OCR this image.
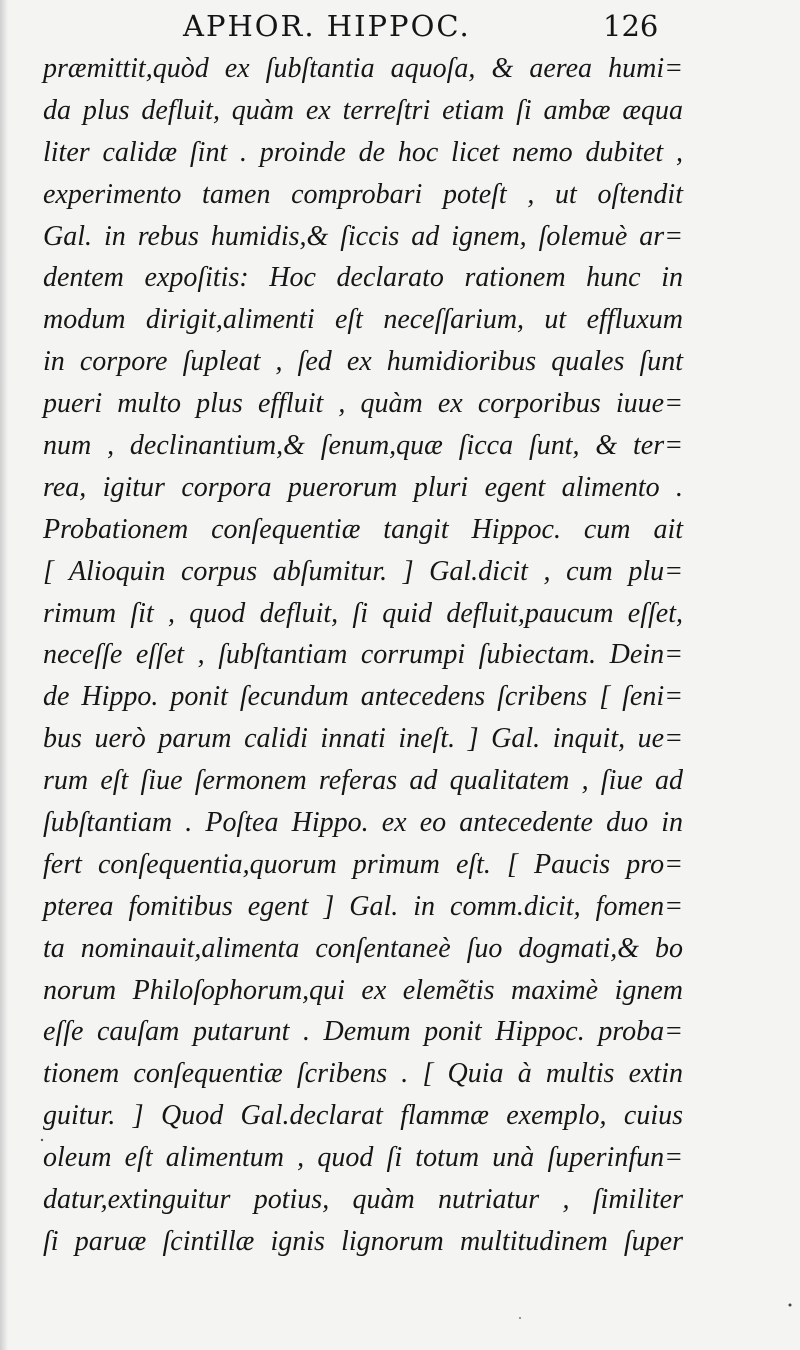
APHOR. HIPPOC.	126
præmittit,quòd ex ſubſtantia aquoſa, & aerea humi=
da plus defluit, quàm ex terreſtri etiam ſi ambæ æqua
liter calidæ ſint . proinde de hoc licet nemo dubitet ,
experimento tamen comprobari poteſt , ut oſtendit
Gal. in rebus humidis,& ſiccis ad ignem, ſolemuè ar=
dentem expoſitis: Hoc declarato rationem hunc in
modum dirigit,alimenti eſt neceſſarium, ut effluxum
in corpore ſupleat , ſed ex humidioribus quales ſunt
pueri multo plus effluit , quàm ex corporibus iuue=
num , declinantium,& ſenum,quæ ſicca ſunt, & ter=
rea, igitur corpora puerorum pluri egent alimento .
Probationem conſequentiæ tangit Hippoc. cum ait
[ Alioquin corpus abſumitur. ] Gal.dicit , cum plu=
rimum ſit , quod defluit, ſi quid defluit,paucum eſſet,
neceſſe eſſet , ſubſtantiam corrumpi ſubiectam. Dein=
de Hippo. ponit ſecundum antecedens ſcribens [ ſeni=
bus uerò parum calidi innati ineſt. ] Gal. inquit, ue=
rum eſt ſiue ſermonem referas ad qualitatem , ſiue ad
ſubſtantiam . Poſtea Hippo. ex eo antecedente duo in
fert conſequentia,quorum primum eſt. [ Paucis pro=
pterea fomitibus egent ] Gal. in comm.dicit, fomen=
ta nominauit,alimenta conſentaneè ſuo dogmati,& bo
norum Philoſophorum,qui ex elemẽtis maximè ignem
eſſe cauſam putarunt . Demum ponit Hippoc. proba=
tionem conſequentiæ ſcribens . [ Quia à multis extin
guitur. ] Quod Gal.declarat flammæ exemplo, cuius
oleum eſt alimentum , quod ſi totum unà ſuperinfun=
datur,extinguitur potius, quàm nutriatur , ſimiliter
ſi paruæ ſcintillæ ignis lignorum multitudinem ſuper
